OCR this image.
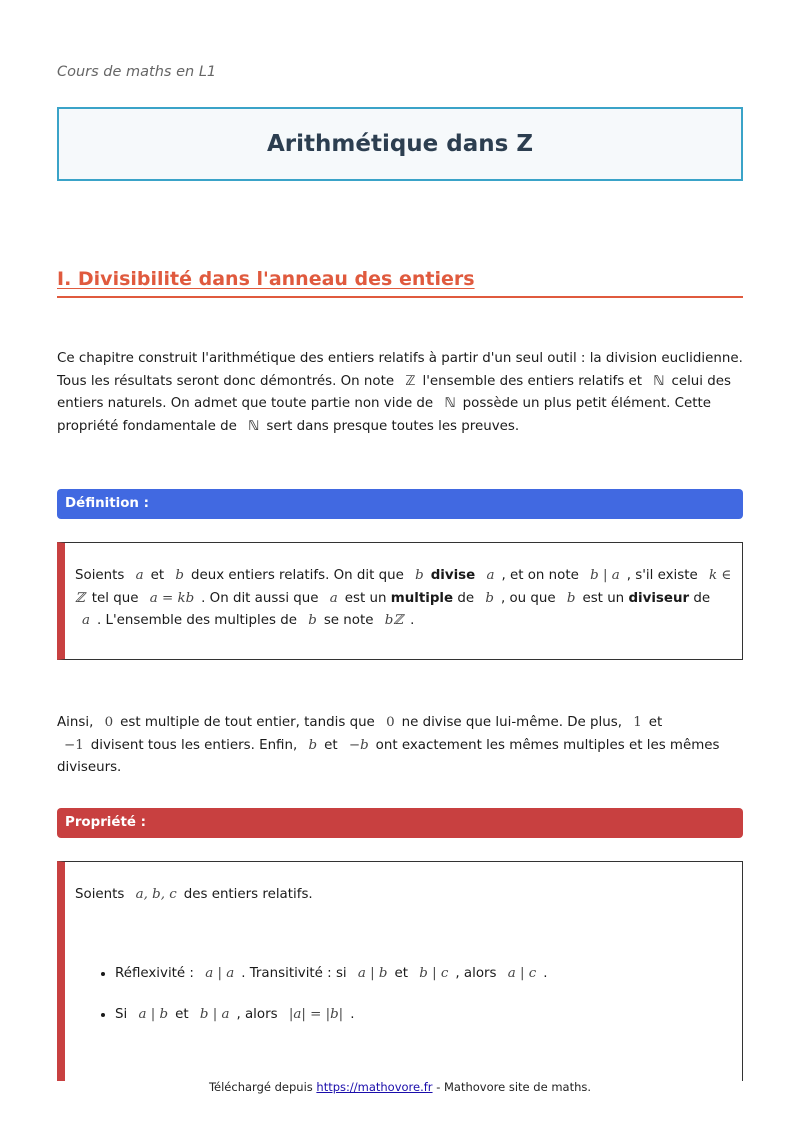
Cours de maths en L1
Arithmétique dans Z
I. Divisibilité dans l'anneau des entiers
Ce chapitre construit l'arithmétique des entiers relatifs à partir d'un seul outil : la division euclidienne. Tous les résultats seront donc démontrés. On note ℤ l'ensemble des entiers relatifs et ℕ celui des entiers naturels. On admet que toute partie non vide de ℕ possède un plus petit élément. Cette propriété fondamentale de ℕ sert dans presque toutes les preuves.
Définition :
Soients a et b deux entiers relatifs. On dit que b divise a , et on note b | a , s'il existe k ∈ ℤ tel que a = kb . On dit aussi que a est un multiple de b , ou que b est un diviseur de a . L'ensemble des multiples de b se note bℤ .
Ainsi, 0 est multiple de tout entier, tandis que 0 ne divise que lui-même. De plus, 1 et −1 divisent tous les entiers. Enfin, b et −b ont exactement les mêmes multiples et les mêmes diviseurs.
Propriété :
Soients a, b, c des entiers relatifs.
• Réflexivité : a | a . Transitivité : si a | b et b | c , alors a | c .
• Si a | b et b | a , alors |a| = |b| .
Téléchargé depuis https://mathovore.fr - Mathovore site de maths.
